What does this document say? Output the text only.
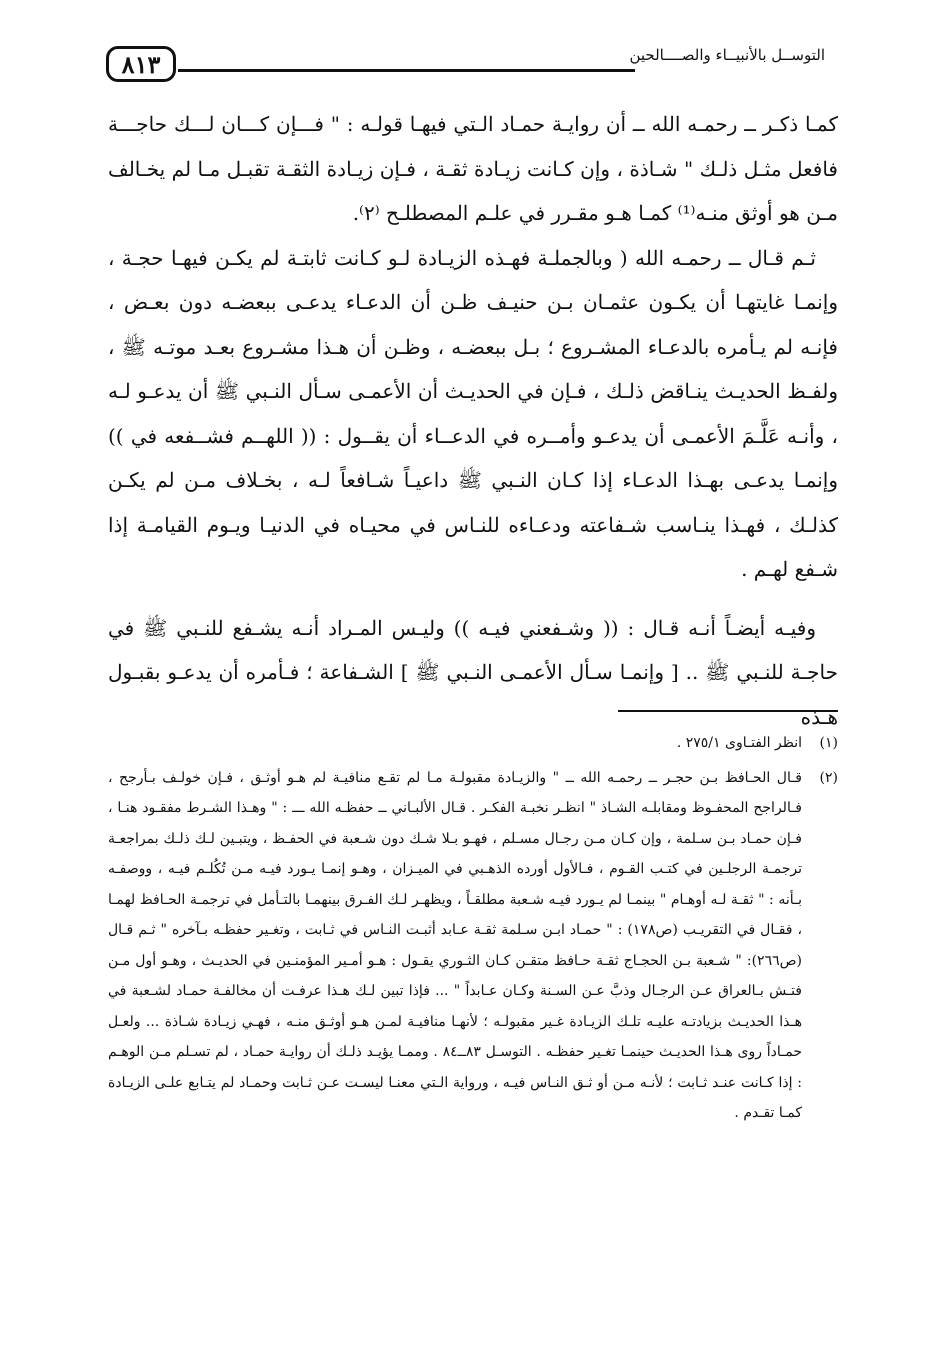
التوســل بالأنبيــاء والصــــالحين
٨١٣

كمـا ذكـر ــ رحمـه الله ــ أن روايـة حمـاد الـتي فيهـا قولـه : " فـــإن كـــان لـــك حاجـــة فافعل مثـل ذلـك " شـاذة ، وإن كـانت زيـادة ثقـة ، فـإن زيـادة الثقـة تقبـل مـا لم يخـالف مـن هو أوثق منـه⁽¹⁾ كمـا هـو مقـرر في علـم المصطلـح ⁽٢⁾.

ثـم قـال ــ رحمـه الله ( وبالجملـة فهـذه الزيـادة لـو كـانت ثابتـة لم يكـن فيهـا حجـة ، وإنمـا غايتهـا أن يكـون عثمـان بـن حنيـف ظـن أن الدعـاء يدعـى ببعضـه دون بعـض ، فإنـه لم يـأمره بالدعـاء المشـروع ؛ بـل ببعضـه ، وظـن أن هـذا مشـروع بعـد موتـه ﷺ ، ولفـظ الحديـث ينـاقض ذلـك ، فـإن في الحديـث أن الأعمـى سـأل النـبي ﷺ أن يدعـو لـه ، وأنـه عَلَّـمَ الأعمـى أن يدعـو وأمــره في الدعــاء أن يقــول : (( اللهــم فشــفعه في )) وإنمـا يدعـى بهـذا الدعـاء إذا كـان النـبي ﷺ داعيـاً شـافعاً لـه ، بخـلاف مـن لم يكـن كذلـك ، فهـذا ينـاسب شـفاعته ودعـاءه للنـاس في محيـاه في الدنيـا ويـوم القيامـة إذا شـفع لهـم .

وفيـه أيضـاً أنـه قـال : (( وشـفعني فيـه )) وليـس المـراد أنـه يشـفع للنـبي ﷺ في حاجـة للنـبي ﷺ .. [ وإنمـا سـأل الأعمـى النـبي ﷺ ] الشـفاعة ؛ فـأمره أن يدعـو بقبـول هـذه

(١)
انظر الفتـاوى ٢٧٥/١ .
(٢)
قـال الحـافظ بـن حجـر ــ رحمـه الله ــ " والزيـادة مقبولـة مـا لم تقـع منافيـة لم هـو أوثـق ، فـإن خولـف بـأرجح ، فـالراجح المحفـوظ ومقابلـه الشـاذ " انظـر نخبـة الفكـر . قـال الألبـاني ــ حفظـه الله ـــ : " وهـذا الشـرط مفقـود هنـا ، فـإن حمـاد بـن سـلمة ، وإن كـان مـن رجـال مسـلم ، فهـو بـلا شـك دون شـعبة في الحفـظ ، ويتبـين لـك ذلـك بمراجعـة ترجمـة الرجلـين في كتـب القـوم ، فـالأول أورده الذهـبي في الميـزان ، وهـو إنمـا يـورد فيـه مـن تُكُلـم فيـه ، ووصفـه بـأنه : " ثقـة لـه أوهـام " بينمـا لم يـورد فيـه شـعبة مطلقـاً ، ويظهـر لـك الفـرق بينهمـا بالتـأمل في ترجمـة الحـافظ لهمـا ، فقـال في التقريـب (ص١٧٨) : " حمـاد ابـن سـلمة ثقـة عـابد أثبـت النـاس في ثـابت ، وتغـير حفظـه بـآخره " ثـم قـال (ص٢٦٦): " شـعبة بـن الحجـاج ثقـة حـافظ متقـن كـان الثـوري يقـول : هـو أمـير المؤمنـين في الحديـث ، وهـو أول مـن فتـش بـالعراق عـن الرجـال وذبَّ عـن السـنة وكـان عـابداً " ... فإذا تبين لـك هـذا عرفـت أن مخالفـة حمـاد لشـعبة في هـذا الحديـث بزيادتـه عليـه تلـك الزيـادة غـير مقبولـه ؛ لأنهـا منافيـة لمـن هـو أوثـق منـه ، فهـي زيـادة شـاذة ... ولعـل حمـاداً روى هـذا الحديـث حينمـا تغـير حفظـه . التوسـل ٨٣ــ٨٤ . وممـا يؤيـد ذلـك أن روايـة حمـاد ، لم تسـلم مـن الوهـم : إذا كـانت عنـد ثـابت ؛ لأنـه مـن أو ثـق النـاس فيـه ، ورواية الـتي معنـا ليسـت عـن ثـابت وحمـاد لم يتـابع علـى الزيـادة كمـا تقـدم .
